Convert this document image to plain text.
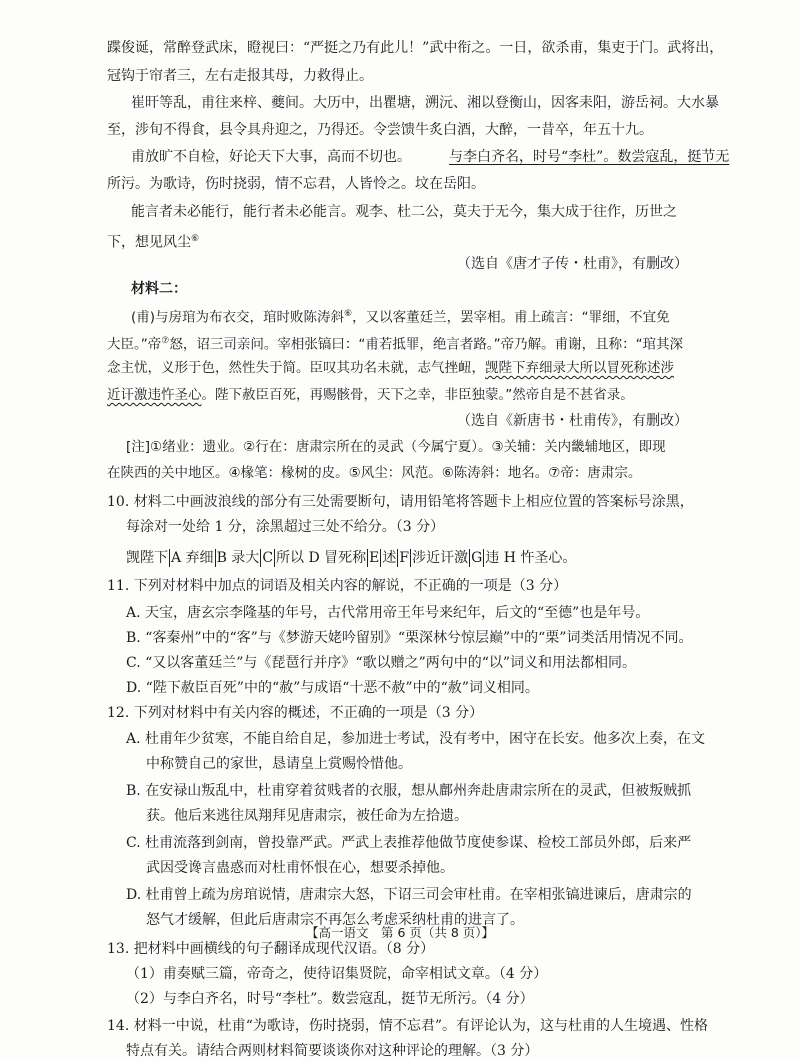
蹀俊诞，常醉登武床，瞪视曰：“严挺之乃有此儿！”武中衔之。一日，欲杀甫，集吏于门。武将出，
冠钩于帘者三，左右走报其母，力救得止。
崔旰等乱，甫往来梓、夔间。大历中，出瞿塘，溯沅、湘以登衡山，因客耒阳，游岳祠。大水暴
至，涉旬不得食，县令具舟迎之，乃得还。令尝馈牛炙白酒，大醉，一昔卒，年五十九。
甫放旷不自检，好论天下大事，高而不切也。	与李白齐名，时号“李杜”。数尝寇乱，挺节无
所污。为歌诗，伤时挠弱，情不忘君，人皆怜之。坟在岳阳。
能言者未必能行，能行者未必能言。观李、杜二公，莫夫于无今，集大成于往作，历世之
下，想见风尘⑥
（选自《唐才子传・杜甫》，有删改）
材料二：
(甫)与房琯为布衣交，琯时败陈涛斜⑥，又以客董廷兰，罢宰相。甫上疏言：“罪细，不宜免
大臣。”帝⑦怒，诏三司亲问。宰相张镐曰：“甫若抵罪，绝言者路。”帝乃解。甫谢，且称：“琯其深
念主忧，义形于色，然性失于简。臣叹其功名未就，志气挫衄，觊陛下弃细录大所以冒死称述涉
近讦激违忤圣心。陛下赦臣百死，再赐骸骨，天下之幸，非臣独蒙。”然帝自是不甚省录。
（选自《新唐书・杜甫传》，有删改）
[注]①绪业：遗业。②行在：唐肃宗所在的灵武（今属宁夏）。③关辅：关内畿辅地区，即现
在陕西的关中地区。④椽笔：椽树的皮。⑤风尘：风范。⑥陈涛斜：地名。⑦帝：唐肃宗。
10. 材料二中画波浪线的部分有三处需要断句，请用铅笔将答题卡上相应位置的答案标号涂黑，
每涂对一处给 1 分，涂黑超过三处不给分。（3 分）
觊陛下 A 弃细 B 录大 C 所以 D 冒死称 E 述 F 涉近讦激 G 违 H 忤圣心。
11. 下列对材料中加点的词语及相关内容的解说，不正确的一项是（3 分）
A. 天宝，唐玄宗李隆基的年号，古代常用帝王年号来纪年，后文的“至德”也是年号。
B. “客秦州”中的“客”与《梦游天姥吟留别》“栗深林兮惊层巅”中的“栗”词类活用情况不同。
C. “又以客董廷兰”与《琵琶行并序》“歌以赠之”两句中的“以”词义和用法都相同。
D. “陛下赦臣百死”中的“赦”与成语“十恶不赦”中的“赦”词义相同。
12. 下列对材料中有关内容的概述，不正确的一项是（3 分）
A. 杜甫年少贫寒，不能自给自足，参加进士考试，没有考中，困守在长安。他多次上奏，在文
中称赞自己的家世，恳请皇上赏赐怜惜他。
B. 在安禄山叛乱中，杜甫穿着贫贱者的衣服，想从鄜州奔赴唐肃宗所在的灵武，但被叛贼抓
获。他后来逃往凤翔拜见唐肃宗，被任命为左拾遗。
C. 杜甫流落到剑南，曾投靠严武。严武上表推荐他做节度使参谋、检校工部员外郎，后来严
武因受谗言蛊惑而对杜甫怀恨在心，想要杀掉他。
D. 杜甫曾上疏为房琯说情，唐肃宗大怒，下诏三司会审杜甫。在宰相张镐进谏后，唐肃宗的
怒气才缓解，但此后唐肃宗不再怎么考虑采纳杜甫的进言了。
13. 把材料中画横线的句子翻译成现代汉语。（8 分）
（1）甫奏赋三篇，帝奇之，使待诏集贤院，命宰相试文章。（4 分）
（2）与李白齐名，时号“李杜”。数尝寇乱，挺节无所污。（4 分）
14. 材料一中说，杜甫“为歌诗，伤时挠弱，情不忘君”。有评论认为，这与杜甫的人生境遇、性格
特点有关。请结合两则材料简要谈谈你对这种评论的理解。（3 分）
【高一语文　第 6 页（共 8 页）】
